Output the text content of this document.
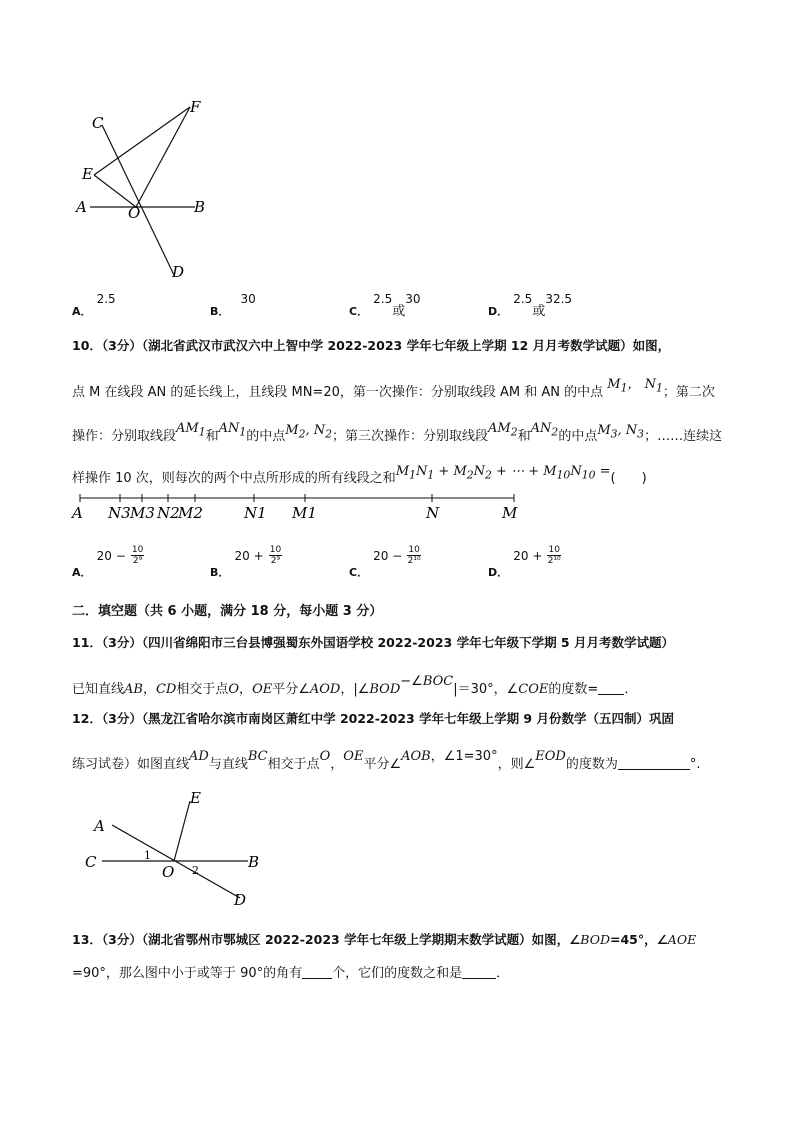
C
F
E
A	O	B
D
A． $^{2.5}$
B． $^{30}$
C． $^{2.5}$或$^{30}$
D． $^{2.5}$或$^{32.5}$
10．（3分）（湖北省武汉市武汉六中上智中学 2022-2023 学年七年级上学期 12 月月考数学试题）如图，
点 M 在线段 AN 的延长线上，且线段 MN=20，第一次操作：分别取线段 AM 和 AN 的中点 $M_1$， $N_1$；第二次
操作：分别取线段$AM_1$和$AN_1$的中点$M_2$, $N_2$；第三次操作：分别取线段$AM_2$和$AN_2$的中点$M_3$, $N_3$；……连续这
样操作 10 次，则每次的两个中点所形成的所有线段之和$M_1N_1 + M_2N_2$ + ⋯ + $M_{10}N_{10}$ =(　　)
A N3 M3 N2
M2	N1 M1	N	M
$_{A.}$ $20 - \frac{10}{\text{2⁹}}$
$_{B.}$ $20 + \frac{10}{\text{2⁹}}$
$_{C.}$ $20 - \frac{10}{\text{2¹⁰}}$
$_{D.}$ $20 + \frac{10}{\text{2¹⁰}}$
二．填空题（共 6 小题，满分 18 分，每小题 3 分）
11．（3分）（四川省绵阳市三台县博强蜀东外国语学校 2022-2023 学年七年级下学期 5 月月考数学试题）
已知直线AB，CD相交于点O，OE平分∠AOD，|∠BOD−∠BOC|＝30°，∠COE的度数= ．
12．（3分）（黑龙江省哈尔滨市南岗区萧红中学 2022-2023 学年七年级上学期 9 月份数学（五四制）巩固
练习试卷）如图直线AD与直线BC相交于点O，OE平分∠AOB，∠1=30°，则∠EOD的度数为	°.
E
A
C	B
O
D
1
2
13．（3分）（湖北省鄂州市鄂城区 2022-2023 学年七年级上学期期末数学试题）如图，∠BOD=45°，∠AOE
=90°，那么图中小于或等于 90°的角有 个，它们的度数之和是	．
